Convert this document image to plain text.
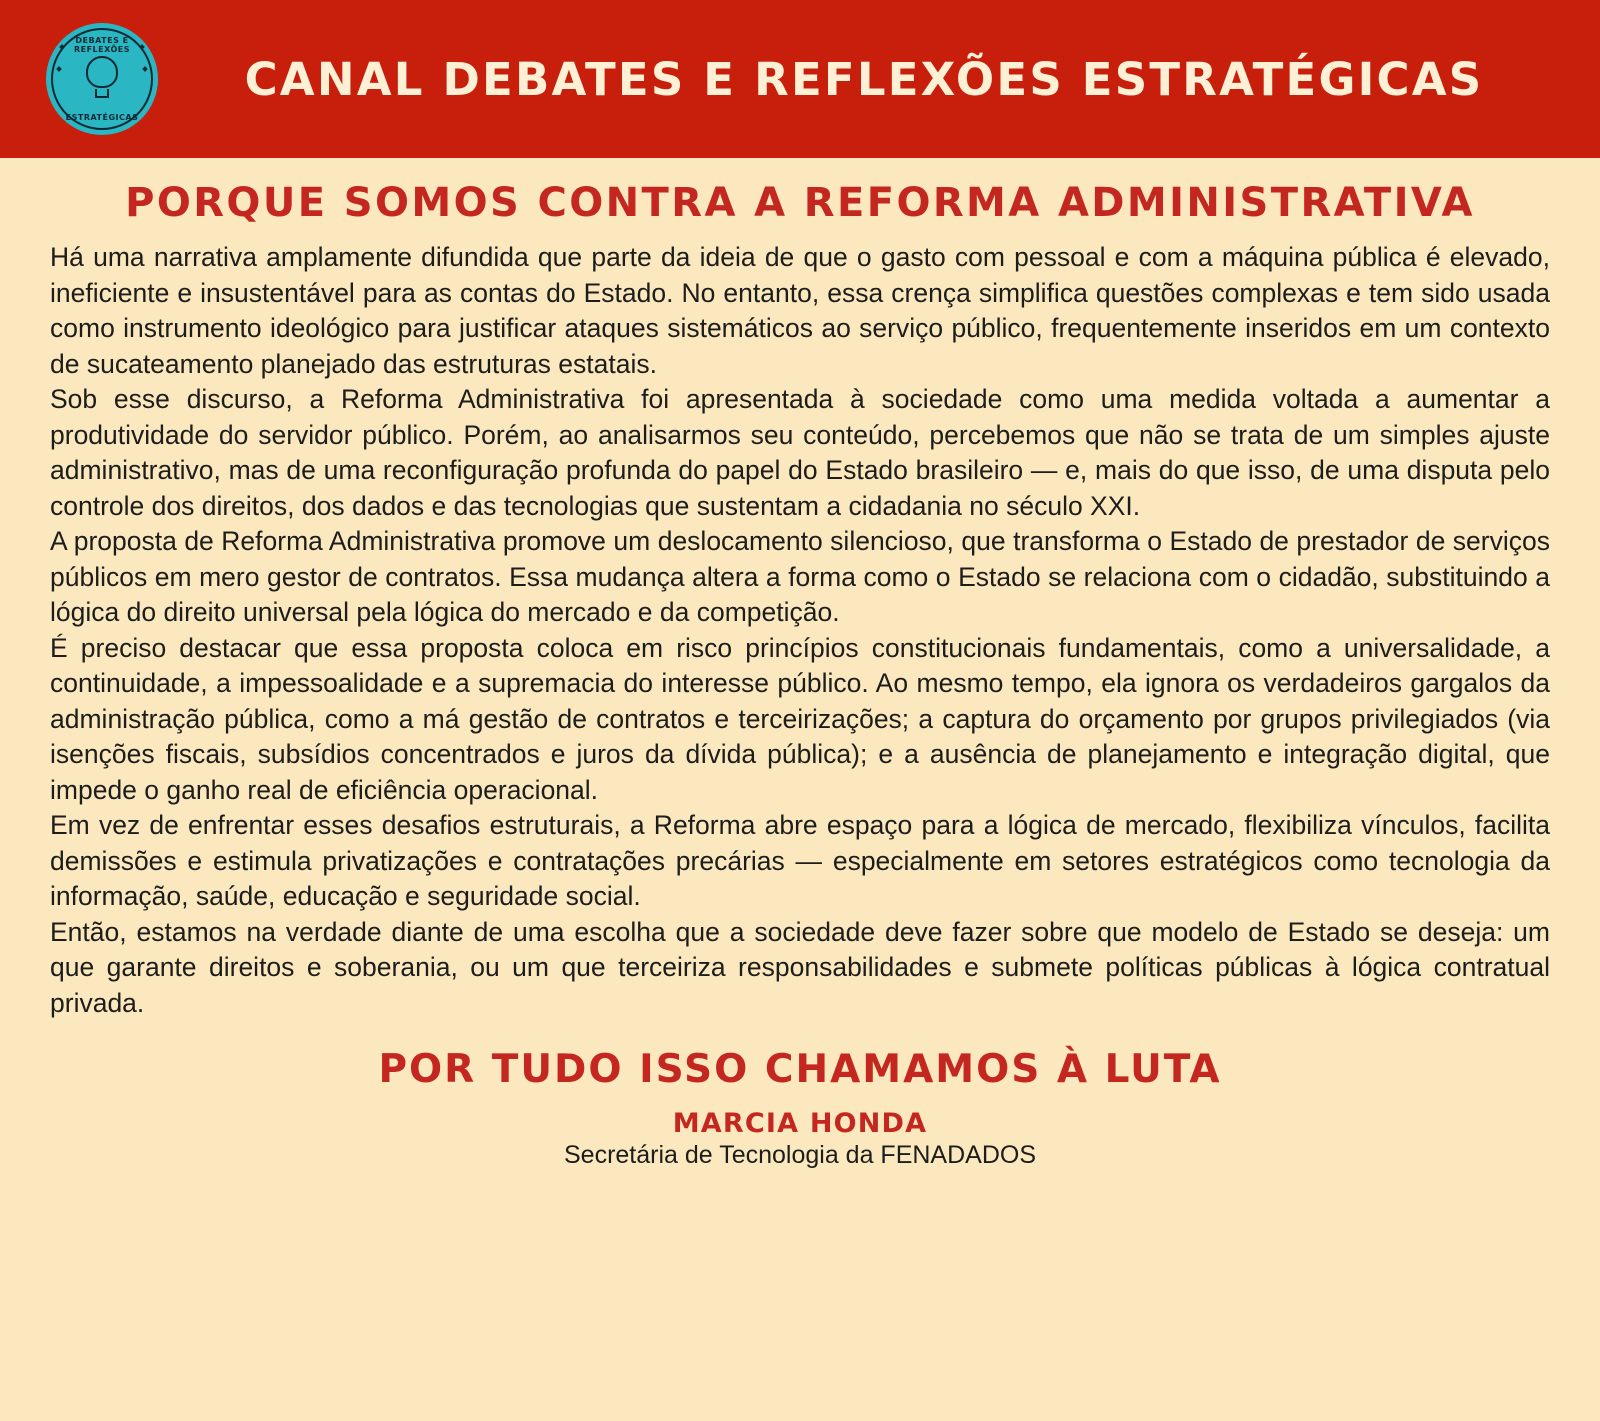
DEBATES E REFLEXÕES
ESTRATÉGICAS
CANAL DEBATES E REFLEXÕES ESTRATÉGICAS
PORQUE SOMOS CONTRA A REFORMA ADMINISTRATIVA

Há uma narrativa amplamente difundida que parte da ideia de que o gasto com pessoal e com a máquina pública é elevado, ineficiente e insustentável para as contas do Estado. No entanto, essa crença simplifica questões complexas e tem sido usada como instrumento ideológico para justificar ataques sistemáticos ao serviço público, frequentemente inseridos em um contexto de sucateamento planejado das estruturas estatais.

Sob esse discurso, a Reforma Administrativa foi apresentada à sociedade como uma medida voltada a aumentar a produtividade do servidor público. Porém, ao analisarmos seu conteúdo, percebemos que não se trata de um simples ajuste administrativo, mas de uma reconfiguração profunda do papel do Estado brasileiro — e, mais do que isso, de uma disputa pelo controle dos direitos, dos dados e das tecnologias que sustentam a cidadania no século XXI.

A proposta de Reforma Administrativa promove um deslocamento silencioso, que transforma o Estado de prestador de serviços públicos em mero gestor de contratos. Essa mudança altera a forma como o Estado se relaciona com o cidadão, substituindo a lógica do direito universal pela lógica do mercado e da competição.

É preciso destacar que essa proposta coloca em risco princípios constitucionais fundamentais, como a universalidade, a continuidade, a impessoalidade e a supremacia do interesse público. Ao mesmo tempo, ela ignora os verdadeiros gargalos da administração pública, como a má gestão de contratos e terceirizações; a captura do orçamento por grupos privilegiados (via isenções fiscais, subsídios concentrados e juros da dívida pública); e a ausência de planejamento e integração digital, que impede o ganho real de eficiência operacional.

Em vez de enfrentar esses desafios estruturais, a Reforma abre espaço para a lógica de mercado, flexibiliza vínculos, facilita demissões e estimula privatizações e contratações precárias — especialmente em setores estratégicos como tecnologia da informação, saúde, educação e seguridade social.

Então, estamos na verdade diante de uma escolha que a sociedade deve fazer sobre que modelo de Estado se deseja: um que garante direitos e soberania, ou um que terceiriza responsabilidades e submete políticas públicas à lógica contratual privada.

POR TUDO ISSO CHAMAMOS À LUTA
MARCIA HONDA
Secretária de Tecnologia da FENADADOS
